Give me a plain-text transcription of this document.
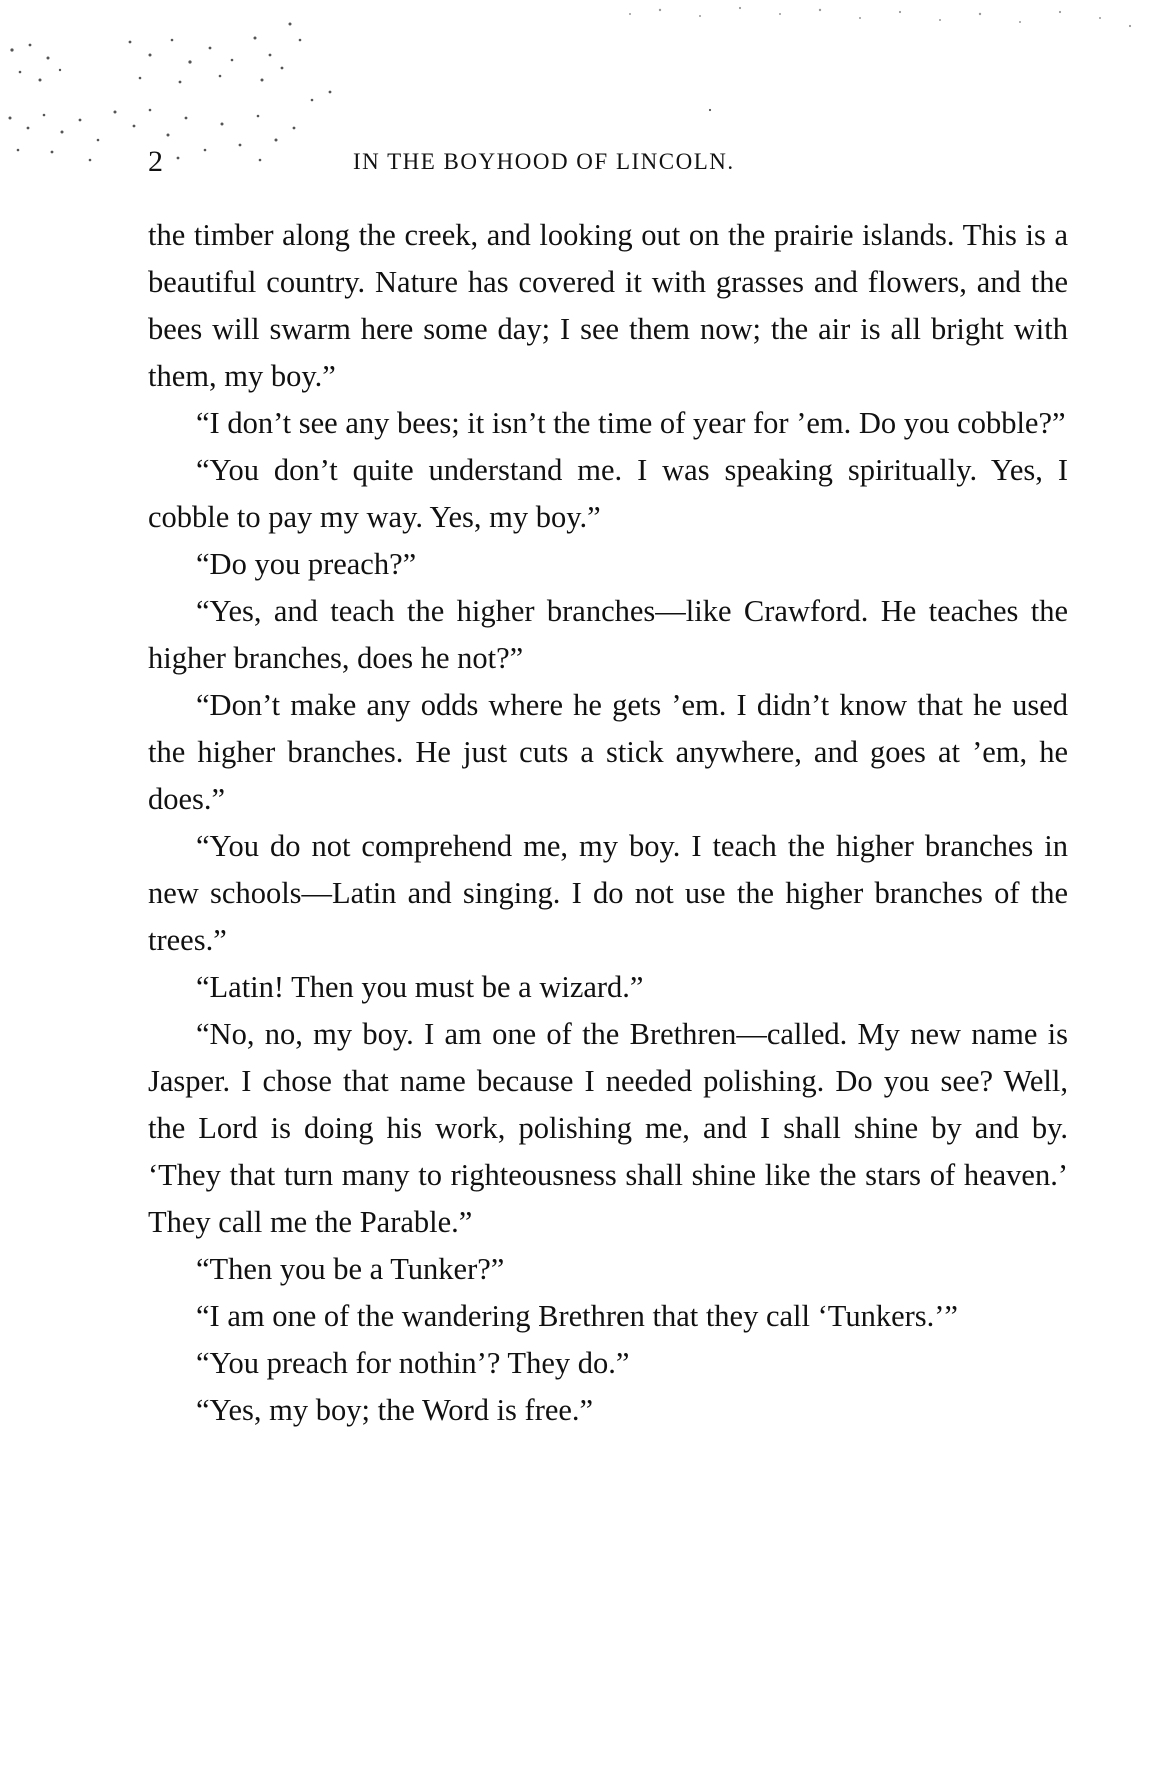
2	IN THE BOYHOOD OF LINCOLN.

the timber along the creek, and looking out on the prairie islands. This is a beautiful country. Nature has covered it with grasses and flowers, and the bees will swarm here some day; I see them now; the air is all bright with them, my boy.”

“I don’t see any bees; it isn’t the time of year for ’em. Do you cobble?”

“You don’t quite understand me. I was speaking spiritually. Yes, I cobble to pay my way. Yes, my boy.”

“Do you preach?”

“Yes, and teach the higher branches—like Crawford. He teaches the higher branches, does he not?”

“Don’t make any odds where he gets ’em. I didn’t know that he used the higher branches. He just cuts a stick anywhere, and goes at ’em, he does.”

“You do not comprehend me, my boy. I teach the higher branches in new schools—Latin and singing. I do not use the higher branches of the trees.”

“Latin! Then you must be a wizard.”

“No, no, my boy. I am one of the Brethren—called. My new name is Jasper. I chose that name because I needed polishing. Do you see? Well, the Lord is doing his work, polishing me, and I shall shine by and by. ‘They that turn many to righteousness shall shine like the stars of heaven.’ They call me the Parable.”

“Then you be a Tunker?”

“I am one of the wandering Brethren that they call ‘Tunkers.’”

“You preach for nothin’? They do.”

“Yes, my boy; the Word is free.”
